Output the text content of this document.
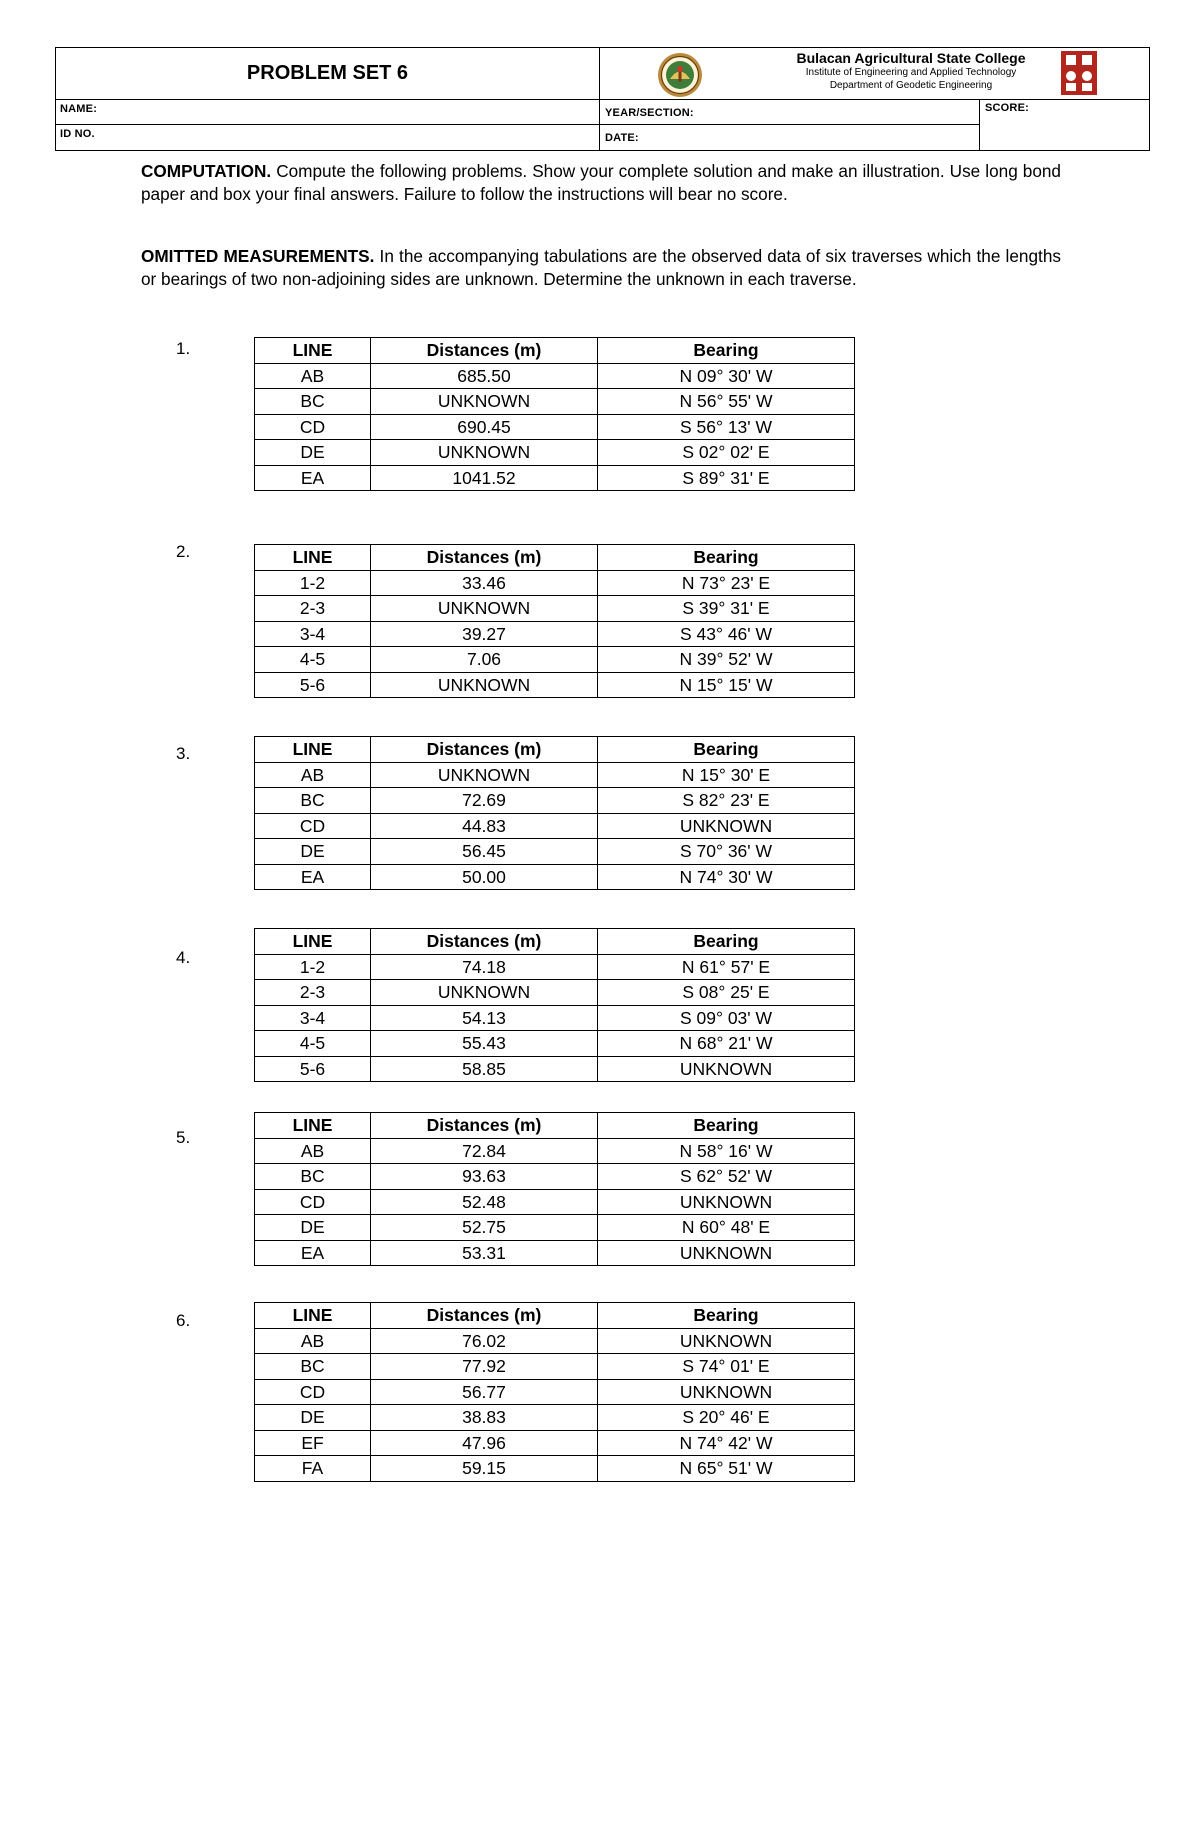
PROBLEM SET 6
NAME:
ID NO.
YEAR/SECTION:
DATE:
SCORE:
Bulacan Agricultural State College
Institute of Engineering and Applied Technology
Department of Geodetic Engineering
COMPUTATION. Compute the following problems. Show your complete solution and make an illustration. Use long bond paper and box your final answers. Failure to follow the instructions will bear no score.
OMITTED MEASUREMENTS. In the accompanying tabulations are the observed data of six traverses which the lengths or bearings of two non-adjoining sides are unknown. Determine the unknown in each traverse.
1.	LINE	Distances (m)	Bearing
AB	685.50	N 09° 30' W
BC	UNKNOWN	N 56° 55' W
CD	690.45	S 56° 13' W
DE	UNKNOWN	S 02° 02' E
EA	1041.52	S 89° 31' E
2.	LINE	Distances (m)	Bearing
1-2	33.46	N 73° 23' E
2-3	UNKNOWN	S 39° 31' E
3-4	39.27	S 43° 46' W
4-5	7.06	N 39° 52' W
5-6	UNKNOWN	N 15° 15' W
3.	LINE	Distances (m)	Bearing
AB	UNKNOWN	N 15° 30' E
BC	72.69	S 82° 23' E
CD	44.83	UNKNOWN
DE	56.45	S 70° 36' W
EA	50.00	N 74° 30' W
4.
LINE	Distances (m)	Bearing
1-2	74.18	N 61° 57' E
2-3	UNKNOWN	S 08° 25' E
3-4	54.13	S 09° 03' W
4-5	55.43	N 68° 21' W
5-6	58.85	UNKNOWN
5.
LINE	Distances (m)	Bearing
AB	72.84	N 58° 16' W
BC	93.63	S 62° 52' W
CD	52.48	UNKNOWN
DE	52.75	N 60° 48' E
EA	53.31	UNKNOWN
6.	LINE	Distances (m)	Bearing
AB	76.02	UNKNOWN
BC	77.92	S 74° 01' E
CD	56.77	UNKNOWN
DE	38.83	S 20° 46' E
EF	47.96	N 74° 42' W
FA	59.15	N 65° 51' W
